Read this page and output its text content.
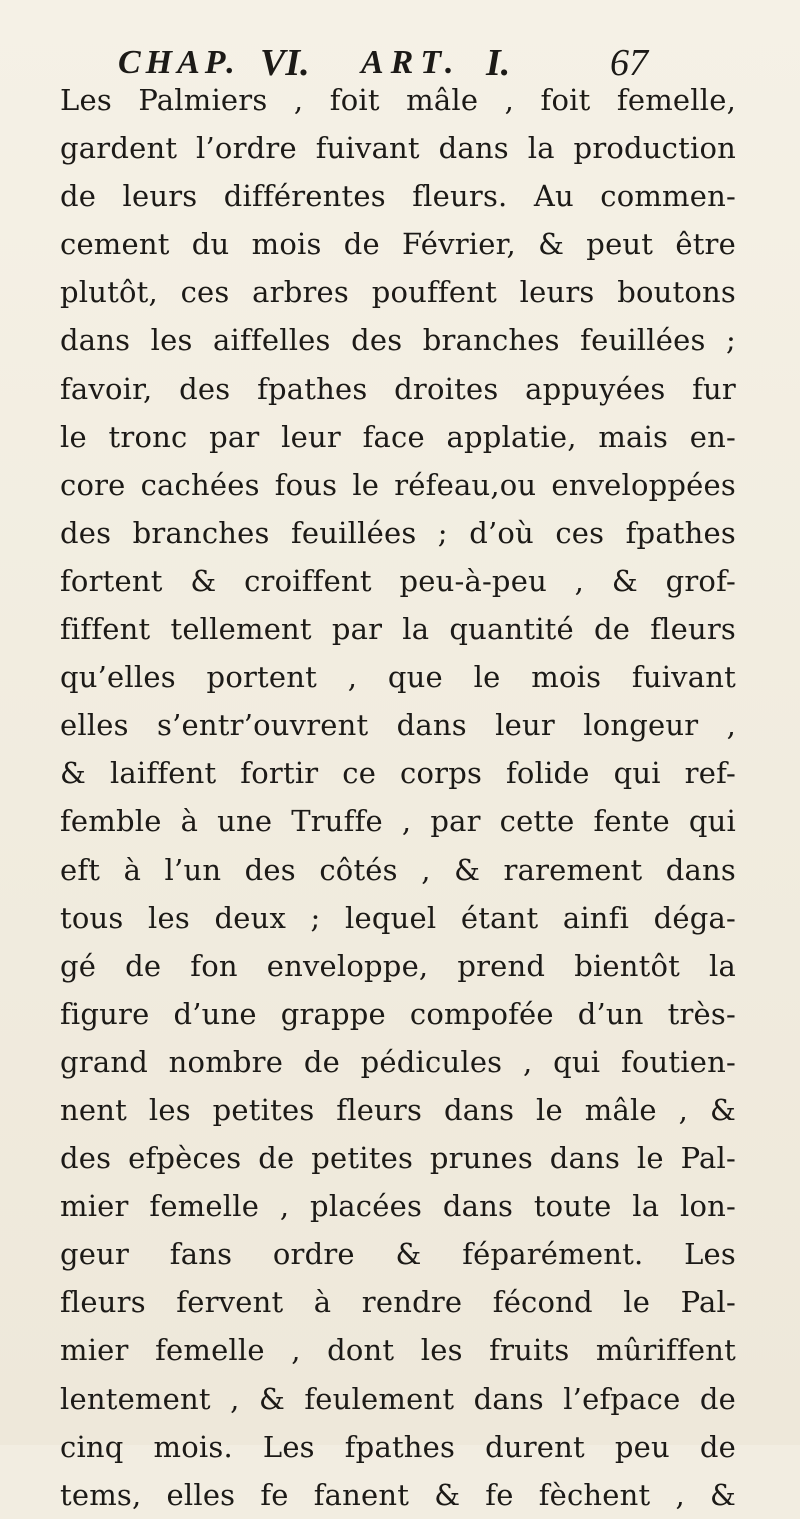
CHAP. VI. ART. I.	67
Les Palmiers , foit mâle , foit femelle,
gardent l’ordre fuivant dans la production
de leurs différentes fleurs. Au commen-
cement du mois de Février, & peut être
plutôt, ces arbres pouffent leurs boutons
dans les aiffelles des branches feuillées ;
favoir, des fpathes droites appuyées fur
le tronc par leur face applatie, mais en-
core cachées fous le réfeau,ou enveloppées
des branches feuillées ; d’où ces fpathes
fortent & croiffent peu-à-peu , & grof-
fiffent tellement par la quantité de fleurs
qu’elles portent , que le mois fuivant
elles s’entr’ouvrent dans leur longeur ,
& laiffent fortir ce corps folide qui ref-
femble à une Truffe , par cette fente qui
eft à l’un des côtés , & rarement dans
tous les deux ; lequel étant ainfi déga-
gé de fon enveloppe, prend bientôt la
figure d’une grappe compofée d’un très-
grand nombre de pédicules , qui foutien-
nent les petites fleurs dans le mâle , &
des efpèces de petites prunes dans le Pal-
mier femelle , placées dans toute la lon-
geur fans ordre & féparément. Les
fleurs fervent à rendre fécond le Pal-
mier femelle , dont les fruits mûriffent
lentement , & feulement dans l’efpace de
cinq mois. Les fpathes durent peu de
tems, elles fe fanent & fe fèchent , &
